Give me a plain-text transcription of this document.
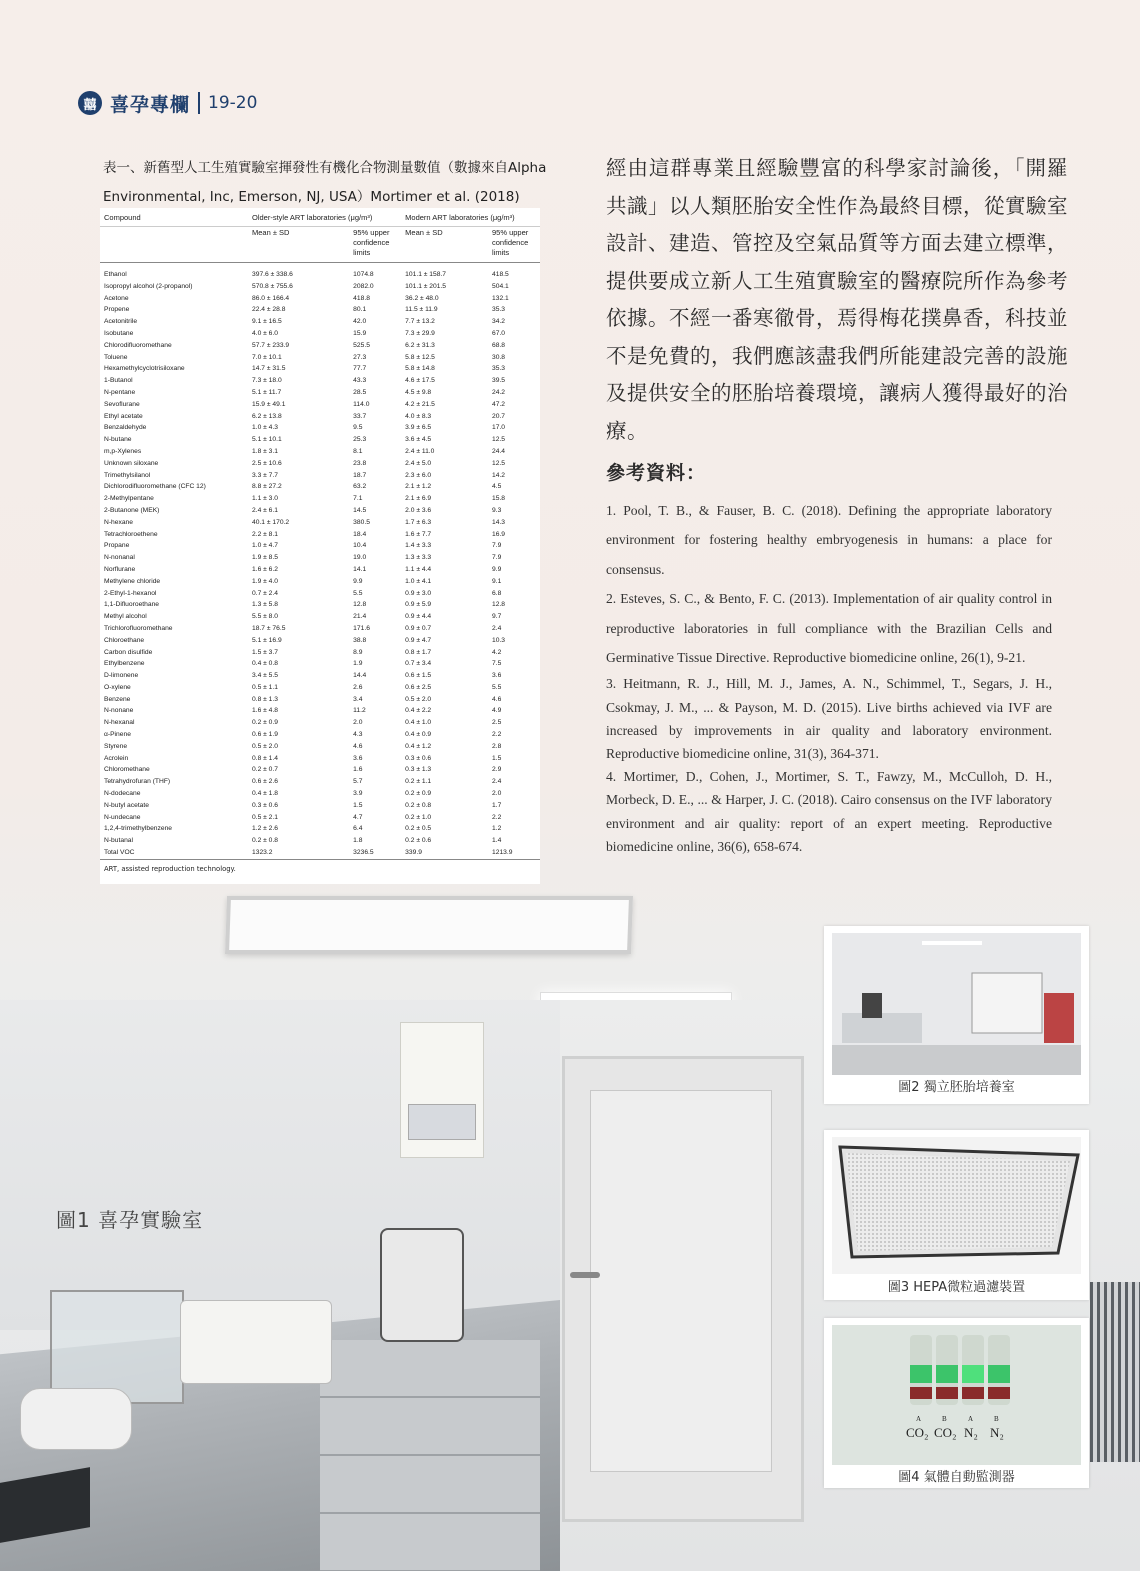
囍 喜孕專欄 19-20
表一、新舊型人工生殖實驗室揮發性有機化合物測量數值（數據來自Alpha Environmental, Inc, Emerson, NJ, USA）Mortimer et al. (2018)
Compound	Older-style ART laboratories (μg/m³)		Modern ART laboratories (μg/m³)	
	Mean ± SD	95% upper confidence limits	Mean ± SD	95% upper confidence limits
Ethanol	397.6 ± 338.6	1074.8	101.1 ± 158.7	418.5
Isopropyl alcohol (2-propanol)	570.8 ± 755.6	2082.0	101.1 ± 201.5	504.1
Acetone	86.0 ± 166.4	418.8	36.2 ± 48.0	132.1
Propene	22.4 ± 28.8	80.1	11.5 ± 11.9	35.3
Acetonitrile	9.1 ± 16.5	42.0	7.7 ± 13.2	34.2
Isobutane	4.0 ± 6.0	15.9	7.3 ± 29.9	67.0
Chlorodifluoromethane	57.7 ± 233.9	525.5	6.2 ± 31.3	68.8
Toluene	7.0 ± 10.1	27.3	5.8 ± 12.5	30.8
Hexamethylcyclotrisiloxane	14.7 ± 31.5	77.7	5.8 ± 14.8	35.3
1-Butanol	7.3 ± 18.0	43.3	4.6 ± 17.5	39.5
N-pentane	5.1 ± 11.7	28.5	4.5 ± 9.8	24.2
Sevoflurane	15.9 ± 49.1	114.0	4.2 ± 21.5	47.2
Ethyl acetate	6.2 ± 13.8	33.7	4.0 ± 8.3	20.7
Benzaldehyde	1.0 ± 4.3	9.5	3.9 ± 6.5	17.0
N-butane	5.1 ± 10.1	25.3	3.6 ± 4.5	12.5
m,p-Xylenes	1.8 ± 3.1	8.1	2.4 ± 11.0	24.4
Unknown siloxane	2.5 ± 10.6	23.8	2.4 ± 5.0	12.5
Trimethylsilanol	3.3 ± 7.7	18.7	2.3 ± 6.0	14.2
Dichlorodifluoromethane (CFC 12)	8.8 ± 27.2	63.2	2.1 ± 1.2	4.5
2-Methylpentane	1.1 ± 3.0	7.1	2.1 ± 6.9	15.8
2-Butanone (MEK)	2.4 ± 6.1	14.5	2.0 ± 3.6	9.3
N-hexane	40.1 ± 170.2	380.5	1.7 ± 6.3	14.3
Tetrachloroethene	2.2 ± 8.1	18.4	1.6 ± 7.7	16.9
Propane	1.0 ± 4.7	10.4	1.4 ± 3.3	7.9
N-nonanal	1.9 ± 8.5	19.0	1.3 ± 3.3	7.9
Norflurane	1.6 ± 6.2	14.1	1.1 ± 4.4	9.9
Methylene chloride	1.9 ± 4.0	9.9	1.0 ± 4.1	9.1
2-Ethyl-1-hexanol	0.7 ± 2.4	5.5	0.9 ± 3.0	6.8
1,1-Difluoroethane	1.3 ± 5.8	12.8	0.9 ± 5.9	12.8
Methyl alcohol	5.5 ± 8.0	21.4	0.9 ± 4.4	9.7
Trichlorofluoromethane	18.7 ± 76.5	171.6	0.9 ± 0.7	2.4
Chloroethane	5.1 ± 16.9	38.8	0.9 ± 4.7	10.3
Carbon disulfide	1.5 ± 3.7	8.9	0.8 ± 1.7	4.2
Ethylbenzene	0.4 ± 0.8	1.9	0.7 ± 3.4	7.5
D-limonene	3.4 ± 5.5	14.4	0.6 ± 1.5	3.6
O-xylene	0.5 ± 1.1	2.6	0.6 ± 2.5	5.5
Benzene	0.8 ± 1.3	3.4	0.5 ± 2.0	4.6
N-nonane	1.6 ± 4.8	11.2	0.4 ± 2.2	4.9
N-hexanal	0.2 ± 0.9	2.0	0.4 ± 1.0	2.5
α-Pinene	0.6 ± 1.9	4.3	0.4 ± 0.9	2.2
Styrene	0.5 ± 2.0	4.6	0.4 ± 1.2	2.8
Acrolein	0.8 ± 1.4	3.6	0.3 ± 0.6	1.5
Chloromethane	0.2 ± 0.7	1.6	0.3 ± 1.3	2.9
Tetrahydrofuran (THF)	0.6 ± 2.6	5.7	0.2 ± 1.1	2.4
N-dodecane	0.4 ± 1.8	3.9	0.2 ± 0.9	2.0
N-butyl acetate	0.3 ± 0.6	1.5	0.2 ± 0.8	1.7
N-undecane	0.5 ± 2.1	4.7	0.2 ± 1.0	2.2
1,2,4-trimethylbenzene	1.2 ± 2.6	6.4	0.2 ± 0.5	1.2
N-butanal	0.2 ± 0.8	1.8	0.2 ± 0.6	1.4
Total VOC	1323.2	3236.5	339.9	1213.9
ART, assisted reproduction technology.
經由這群專業且經驗豐富的科學家討論後，「開羅共識」以人類胚胎安全性作為最終目標，從實驗室設計、建造、管控及空氣品質等方面去建立標準，提供要成立新人工生殖實驗室的醫療院所作為參考依據。不經一番寒徹骨，焉得梅花撲鼻香，科技並不是免費的，我們應該盡我們所能建設完善的設施及提供安全的胚胎培養環境，讓病人獲得最好的治療。
參考資料：

1. Pool, T. B., & Fauser, B. C. (2018). Defining the appropriate laboratory environment for fostering healthy embryogenesis in humans: a place for consensus.

2. Esteves, S. C., & Bento, F. C. (2013). Implementation of air quality control in reproductive laboratories in full compliance with the Brazilian Cells and Germinative Tissue Directive. Reproductive biomedicine online, 26(1), 9-21.

3. Heitmann, R. J., Hill, M. J., James, A. N., Schimmel, T., Segars, J. H., Csokmay, J. M., ... & Payson, M. D. (2015). Live births achieved via IVF are increased by improvements in air quality and laboratory environment. Reproductive biomedicine online, 31(3), 364-371.

4. Mortimer, D., Cohen, J., Mortimer, S. T., Fawzy, M., McCulloh, D. H., Morbeck, D. E., ... & Harper, J. C. (2018). Cairo consensus on the IVF laboratory environment and air quality: report of an expert meeting. Reproductive biomedicine online, 36(6), 658-674.

圖1 喜孕實驗室
圖2 獨立胚胎培養室
圖3 HEPA微粒過濾裝置
A	B	A	B
CO₂ CO₂ N₂ N₂
圖4 氣體自動監測器
